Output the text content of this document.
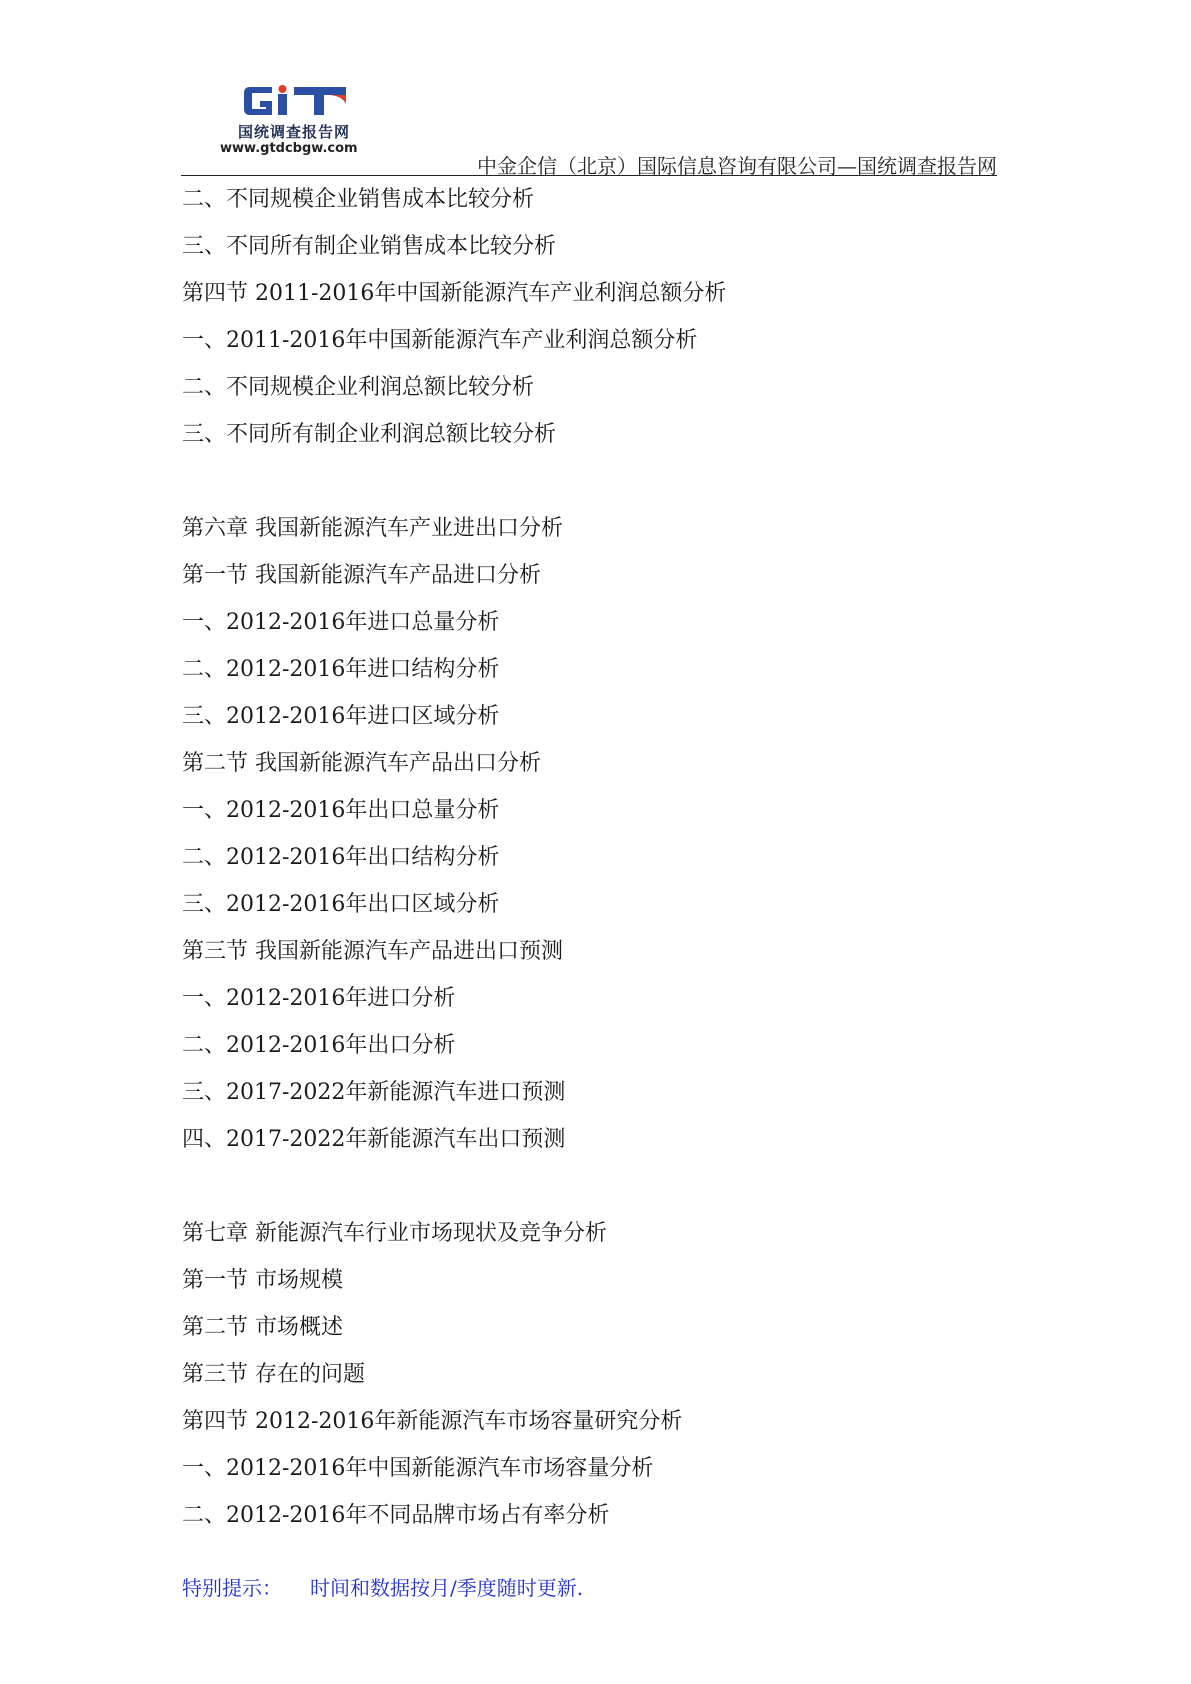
国统调查报告网
www.gtdcbgw.com
中金企信（北京）国际信息咨询有限公司—国统调查报告网
二、不同规模企业销售成本比较分析
三、不同所有制企业销售成本比较分析
第四节 2011-2016年中国新能源汽车产业利润总额分析
一、2011-2016年中国新能源汽车产业利润总额分析
二、不同规模企业利润总额比较分析
三、不同所有制企业利润总额比较分析
第六章 我国新能源汽车产业进出口分析
第一节 我国新能源汽车产品进口分析
一、2012-2016年进口总量分析
二、2012-2016年进口结构分析
三、2012-2016年进口区域分析
第二节 我国新能源汽车产品出口分析
一、2012-2016年出口总量分析
二、2012-2016年出口结构分析
三、2012-2016年出口区域分析
第三节 我国新能源汽车产品进出口预测
一、2012-2016年进口分析
二、2012-2016年出口分析
三、2017-2022年新能源汽车进口预测
四、2017-2022年新能源汽车出口预测
第七章 新能源汽车行业市场现状及竞争分析
第一节 市场规模
第二节 市场概述
第三节 存在的问题
第四节 2012-2016年新能源汽车市场容量研究分析
一、2012-2016年中国新能源汽车市场容量分析
二、2012-2016年不同品牌市场占有率分析
特别提示： 时间和数据按月/季度随时更新.
